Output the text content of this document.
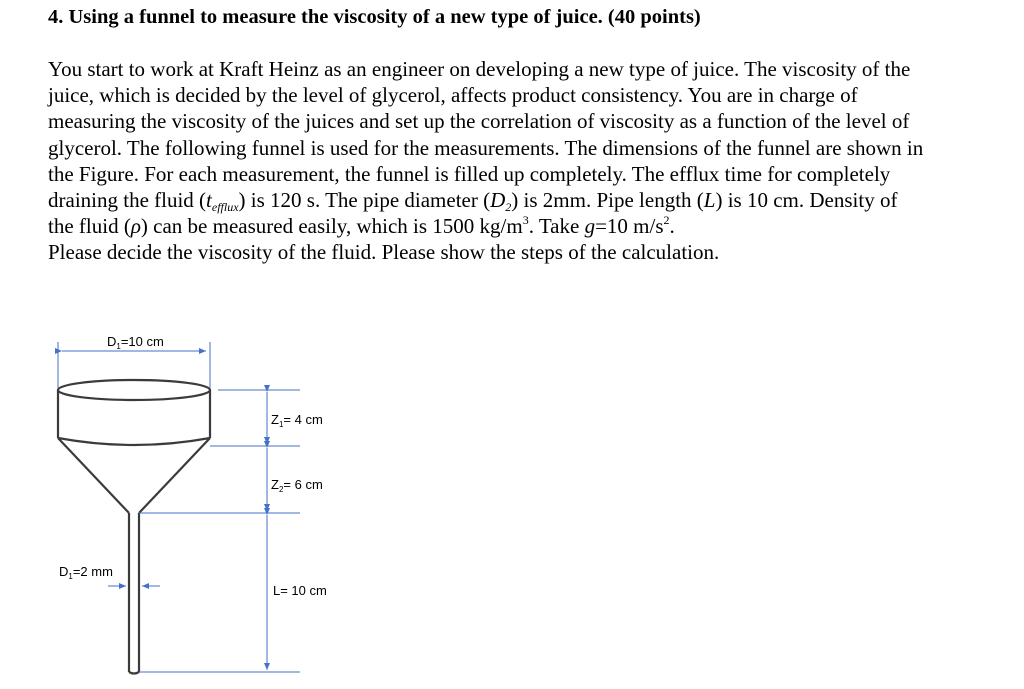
4. Using a funnel to measure the viscosity of a new type of juice. (40 points)
You start to work at Kraft Heinz as an engineer on developing a new type of juice. The viscosity of the
juice, which is decided by the level of glycerol, affects product consistency. You are in charge of
measuring the viscosity of the juices and set up the correlation of viscosity as a function of the level of
glycerol. The following funnel is used for the measurements. The dimensions of the funnel are shown in
the Figure. For each measurement, the funnel is filled up completely. The efflux time for completely
draining the fluid $(t_{efflux})$ is 120 s. The pipe diameter $(D_2)$ is 2mm. Pipe length (L) is 10 cm. Density of
the fluid (ρ) can be measured easily, which is 1500 $kg/m^3$. Take g=10 $m/s^2$.
Please decide the viscosity of the fluid. Please show the steps of the calculation.
$D_1=10$ cm
$Z_1= 4$ cm
$Z_2= 6$ cm
$D_1=2$ mm
L= 10 cm
